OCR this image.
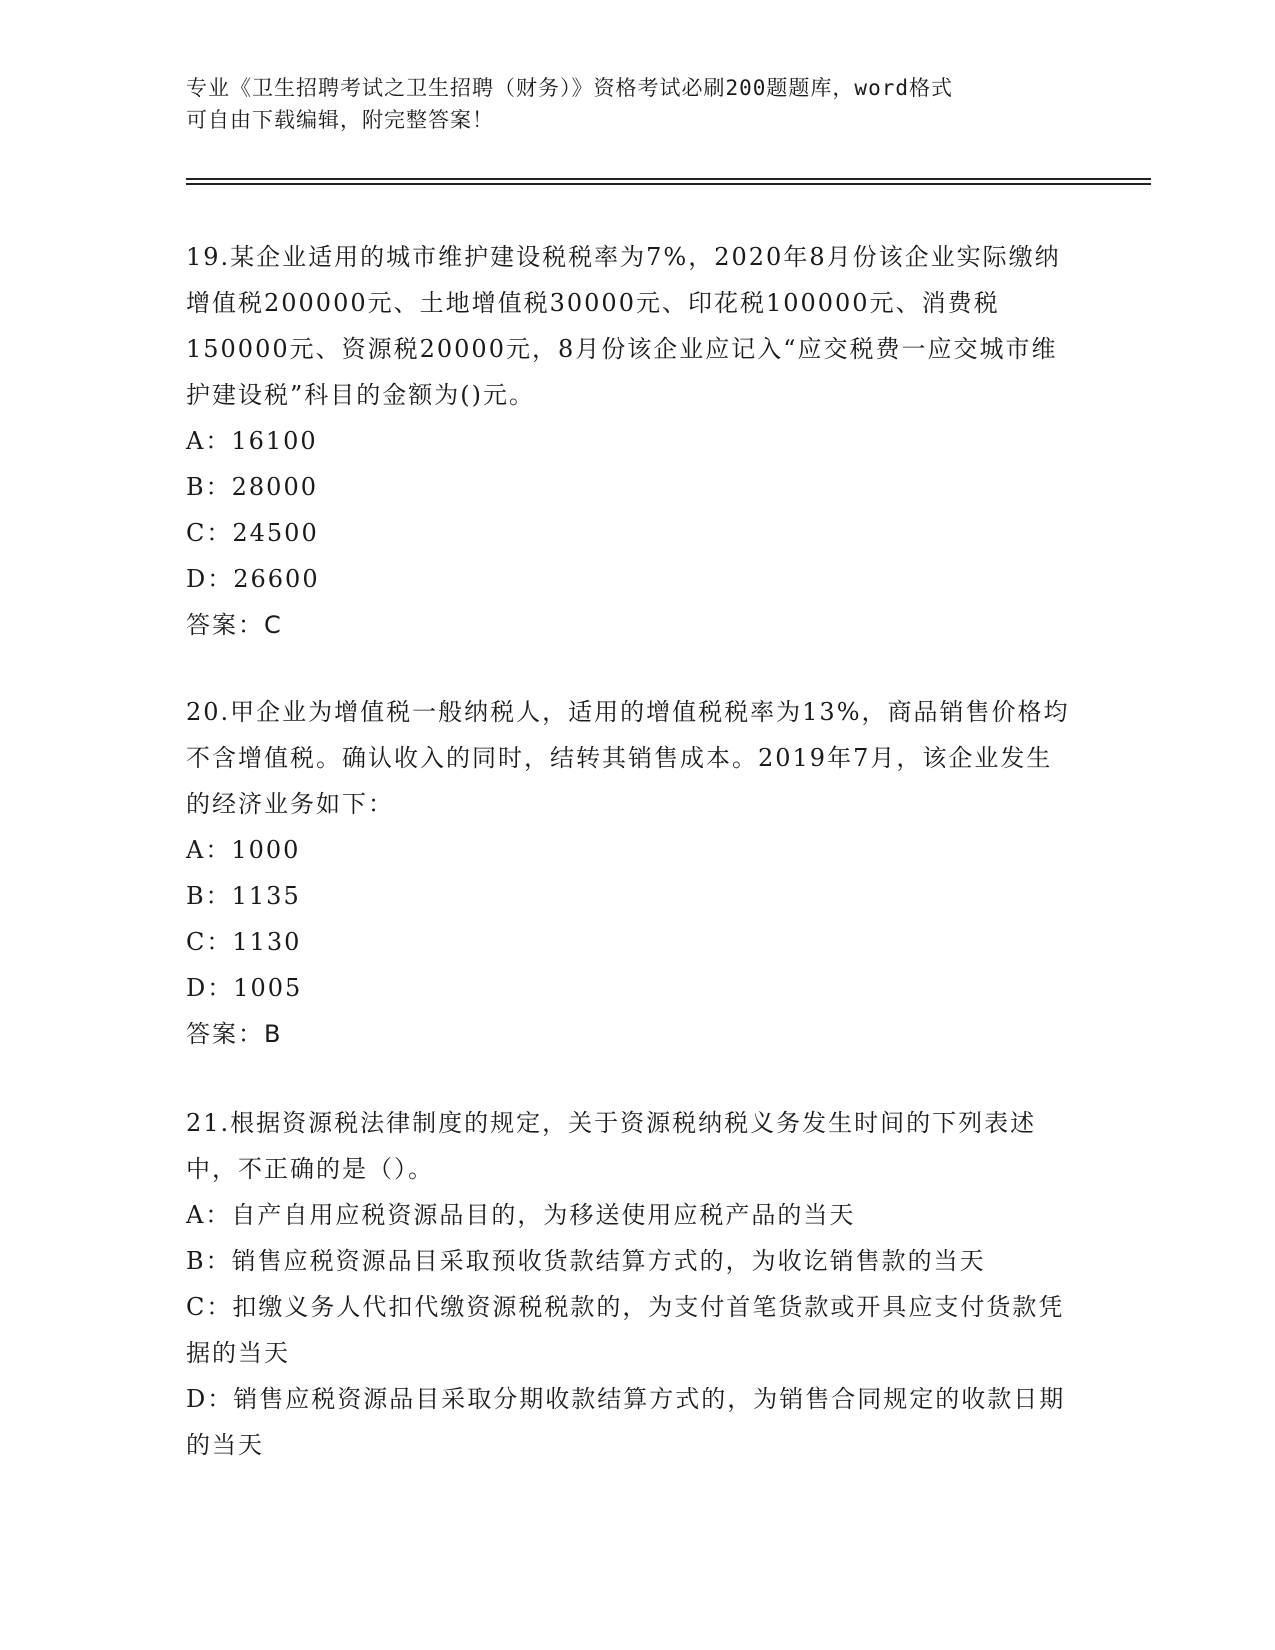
专业《卫生招聘考试之卫生招聘（财务）》资格考试必刷200题题库，word格式
可自由下载编辑，附完整答案！
19.某企业适用的城市维护建设税税率为7%，2020年8月份该企业实际缴纳增值税200000元、土地增值税30000元、印花税100000元、消费税150000元、资源税20000元，8月份该企业应记入“应交税费一应交城市维护建设税”科目的金额为()元。
A：16100
B：28000
C：24500
D：26600
答案：C
20.甲企业为增值税一般纳税人，适用的增值税税率为13%，商品销售价格均不含增值税。确认收入的同时，结转其销售成本。2019年7月，该企业发生的经济业务如下：
A：1000
B：1135
C：1130
D：1005
答案：B
21.根据资源税法律制度的规定，关于资源税纳税义务发生时间的下列表述中，不正确的是（）。
A：自产自用应税资源品目的，为移送使用应税产品的当天
B：销售应税资源品目采取预收货款结算方式的，为收讫销售款的当天
C：扣缴义务人代扣代缴资源税税款的，为支付首笔货款或开具应支付货款凭据的当天
D：销售应税资源品目采取分期收款结算方式的，为销售合同规定的收款日期的当天
